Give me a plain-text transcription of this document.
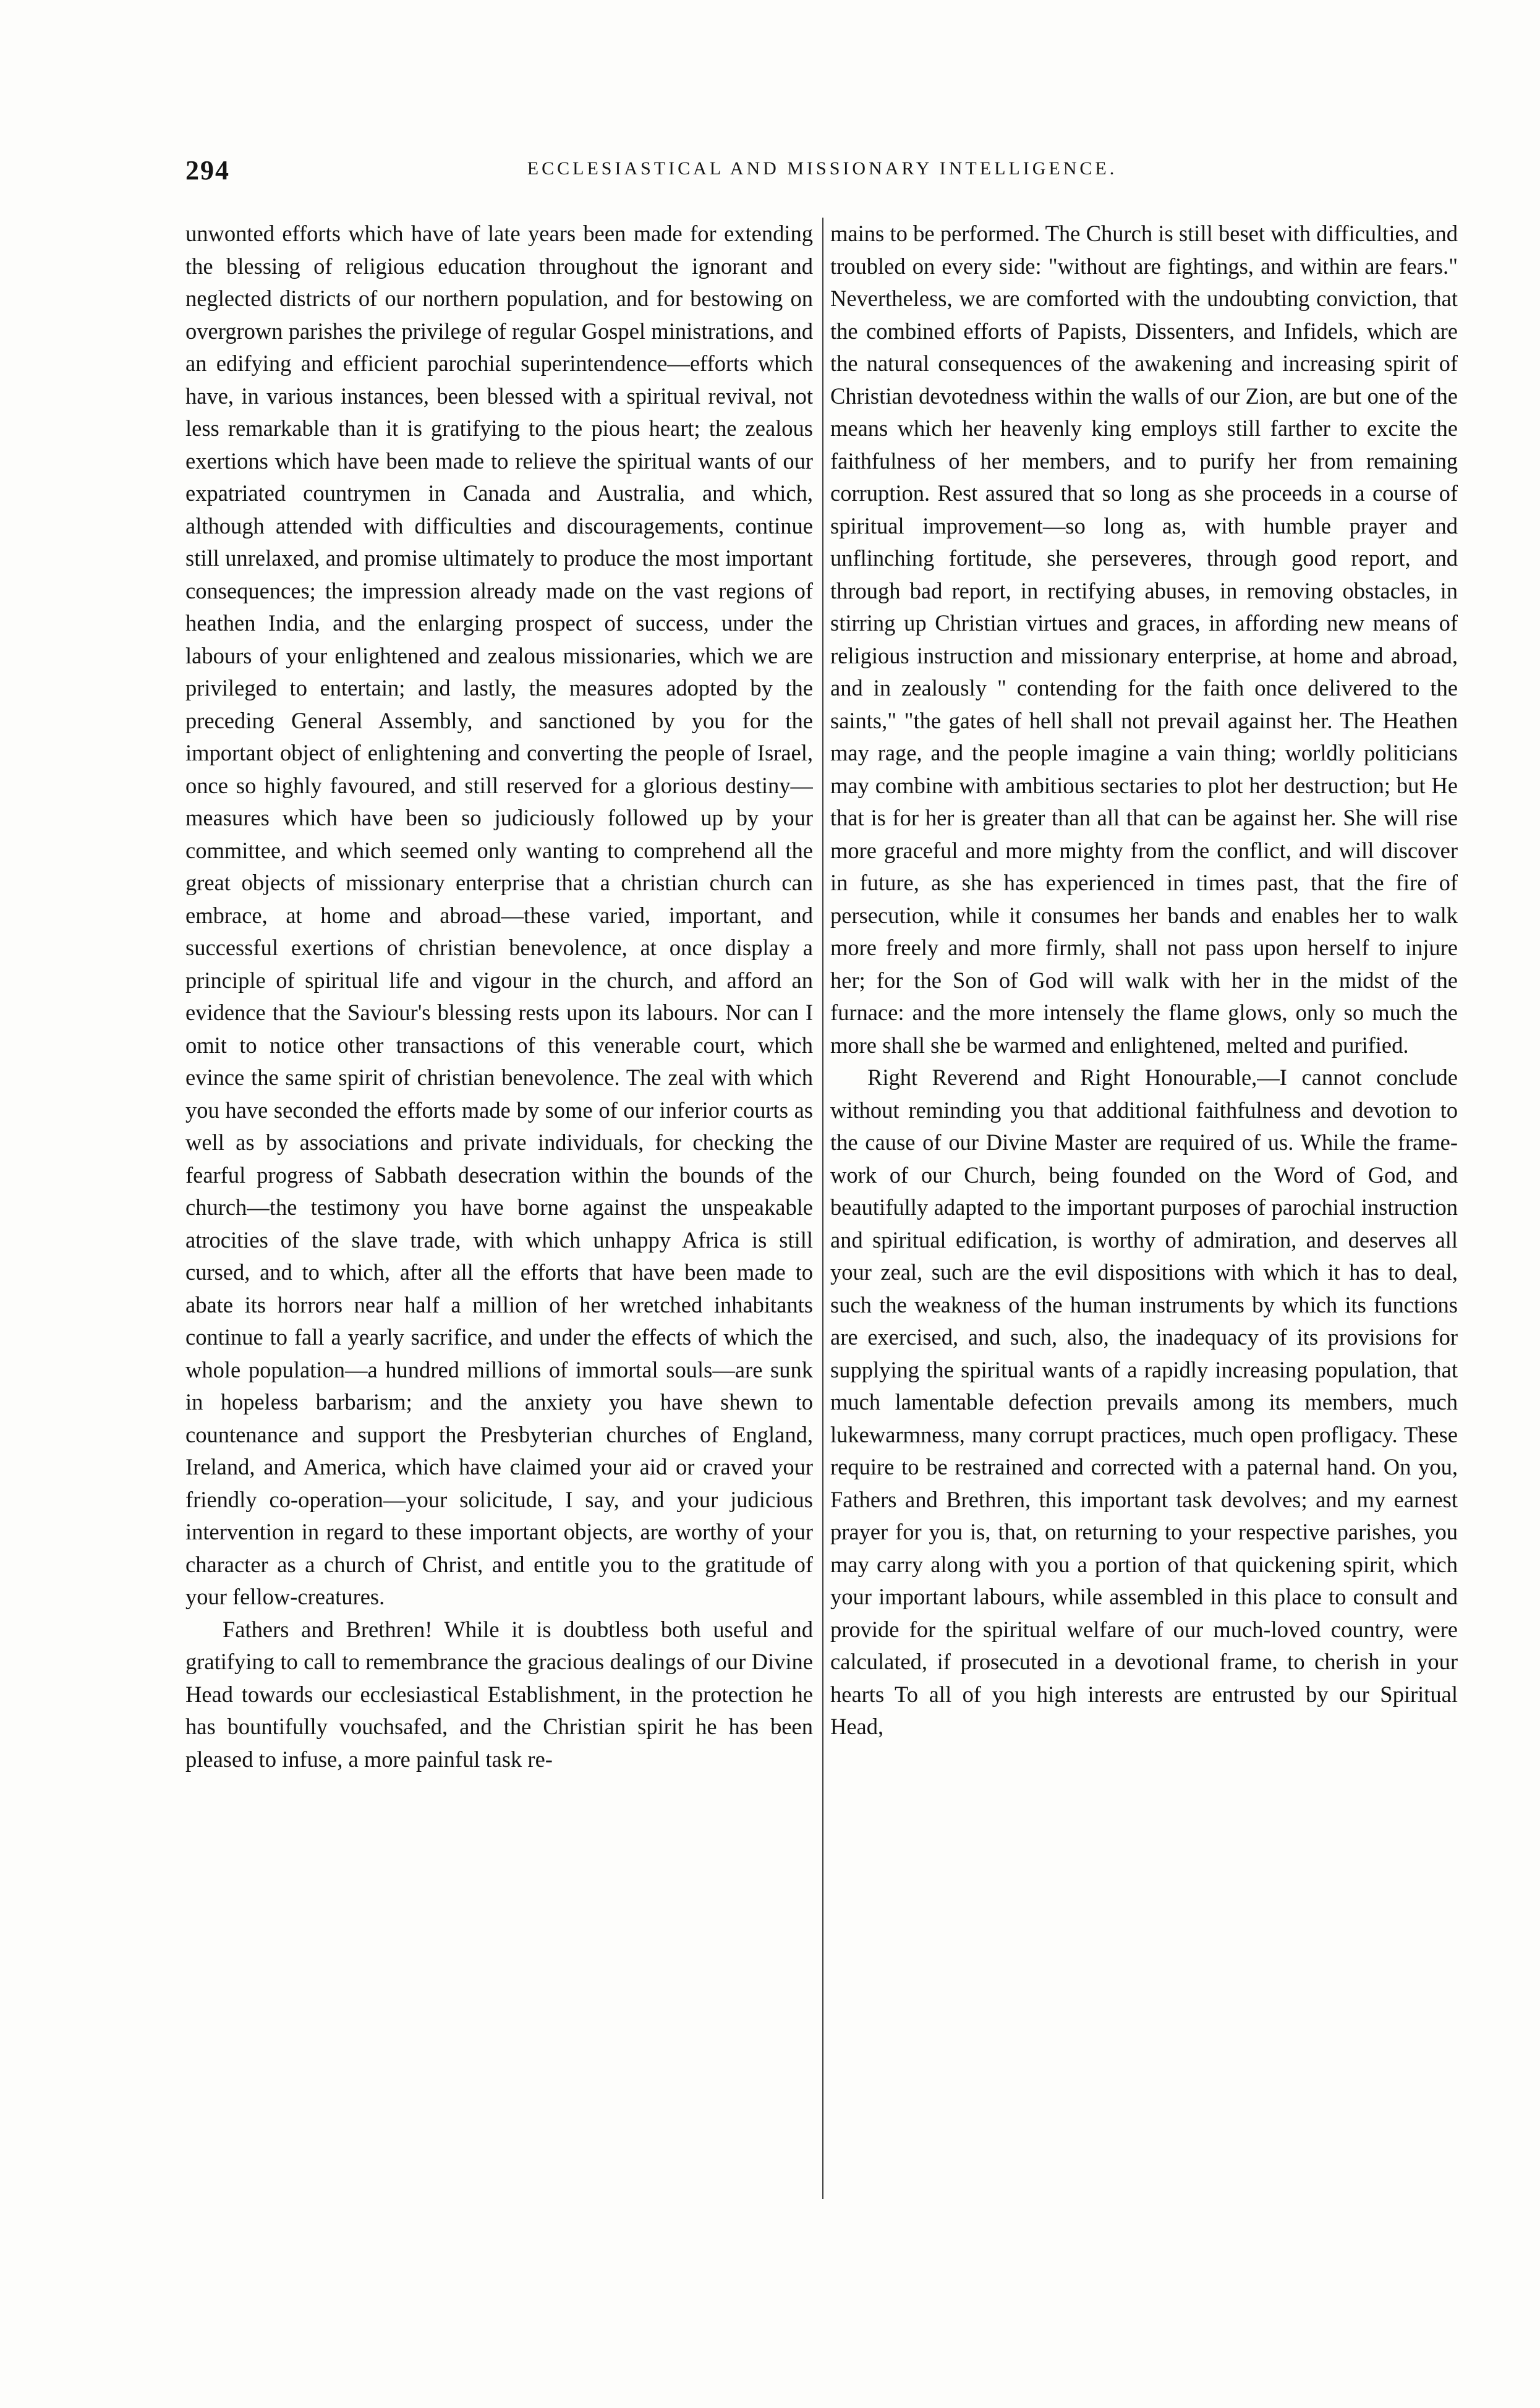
294	ECCLESIASTICAL AND MISSIONARY INTELLIGENCE.

unwonted efforts which have of late years been made for extending the blessing of religious education throughout the ignorant and neglected districts of our northern population, and for bestowing on overgrown parishes the privilege of regular Gospel ministrations, and an edifying and efficient parochial superintendence—efforts which have, in various instances, been blessed with a spiritual revival, not less remarkable than it is gratifying to the pious heart; the zealous exertions which have been made to relieve the spiritual wants of our expatriated countrymen in Canada and Australia, and which, although attended with difficulties and discouragements, continue still unrelaxed, and promise ultimately to produce the most important consequences; the impression already made on the vast regions of heathen India, and the enlarging prospect of success, under the labours of your enlightened and zealous missionaries, which we are privileged to entertain; and lastly, the measures adopted by the preceding General Assembly, and sanctioned by you for the important object of enlightening and converting the people of Israel, once so highly favoured, and still reserved for a glorious destiny—measures which have been so judiciously followed up by your committee, and which seemed only wanting to comprehend all the great objects of missionary enterprise that a christian church can embrace, at home and abroad—these varied, important, and successful exertions of christian benevolence, at once display a principle of spiritual life and vigour in the church, and afford an evidence that the Saviour's blessing rests upon its labours. Nor can I omit to notice other transactions of this venerable court, which evince the same spirit of christian benevolence. The zeal with which you have seconded the efforts made by some of our inferior courts as well as by associations and private individuals, for checking the fearful progress of Sabbath desecration within the bounds of the church—the testimony you have borne against the unspeakable atrocities of the slave trade, with which unhappy Africa is still cursed, and to which, after all the efforts that have been made to abate its horrors near half a million of her wretched inhabitants continue to fall a yearly sacrifice, and under the effects of which the whole population—a hundred millions of immortal souls—are sunk in hopeless barbarism; and the anxiety you have shewn to countenance and support the Presbyterian churches of England, Ireland, and America, which have claimed your aid or craved your friendly co-operation—your solicitude, I say, and your judicious intervention in regard to these important objects, are worthy of your character as a church of Christ, and entitle you to the gratitude of your fellow-creatures.

Fathers and Brethren! While it is doubtless both useful and gratifying to call to remembrance the gracious dealings of our Divine Head towards our ecclesiastical Establishment, in the protection he has bountifully vouchsafed, and the Christian spirit he has been pleased to infuse, a more painful task re-

mains to be performed. The Church is still beset with difficulties, and troubled on every side: "without are fightings, and within are fears." Nevertheless, we are comforted with the undoubting conviction, that the combined efforts of Papists, Dissenters, and Infidels, which are the natural consequences of the awakening and increasing spirit of Christian devotedness within the walls of our Zion, are but one of the means which her heavenly king employs still farther to excite the faithfulness of her members, and to purify her from remaining corruption. Rest assured that so long as she proceeds in a course of spiritual improvement—so long as, with humble prayer and unflinching fortitude, she perseveres, through good report, and through bad report, in rectifying abuses, in removing obstacles, in stirring up Christian virtues and graces, in affording new means of religious instruction and missionary enterprise, at home and abroad, and in zealously " contending for the faith once delivered to the saints," "the gates of hell shall not prevail against her. The Heathen may rage, and the people imagine a vain thing; worldly politicians may combine with ambitious sectaries to plot her destruction; but He that is for her is greater than all that can be against her. She will rise more graceful and more mighty from the conflict, and will discover in future, as she has experienced in times past, that the fire of persecution, while it consumes her bands and enables her to walk more freely and more firmly, shall not pass upon herself to injure her; for the Son of God will walk with her in the midst of the furnace: and the more intensely the flame glows, only so much the more shall she be warmed and enlightened, melted and purified.

Right Reverend and Right Honourable,—I cannot conclude without reminding you that additional faithfulness and devotion to the cause of our Divine Master are required of us. While the frame-work of our Church, being founded on the Word of God, and beautifully adapted to the important purposes of parochial instruction and spiritual edification, is worthy of admiration, and deserves all your zeal, such are the evil dispositions with which it has to deal, such the weakness of the human instruments by which its functions are exercised, and such, also, the inadequacy of its provisions for supplying the spiritual wants of a rapidly increasing population, that much lamentable defection prevails among its members, much lukewarmness, many corrupt practices, much open profligacy. These require to be restrained and corrected with a paternal hand. On you, Fathers and Brethren, this important task devolves; and my earnest prayer for you is, that, on returning to your respective parishes, you may carry along with you a portion of that quickening spirit, which your important labours, while assembled in this place to consult and provide for the spiritual welfare of our much-loved country, were calculated, if prosecuted in a devotional frame, to cherish in your hearts To all of you high interests are entrusted by our Spiritual Head,
